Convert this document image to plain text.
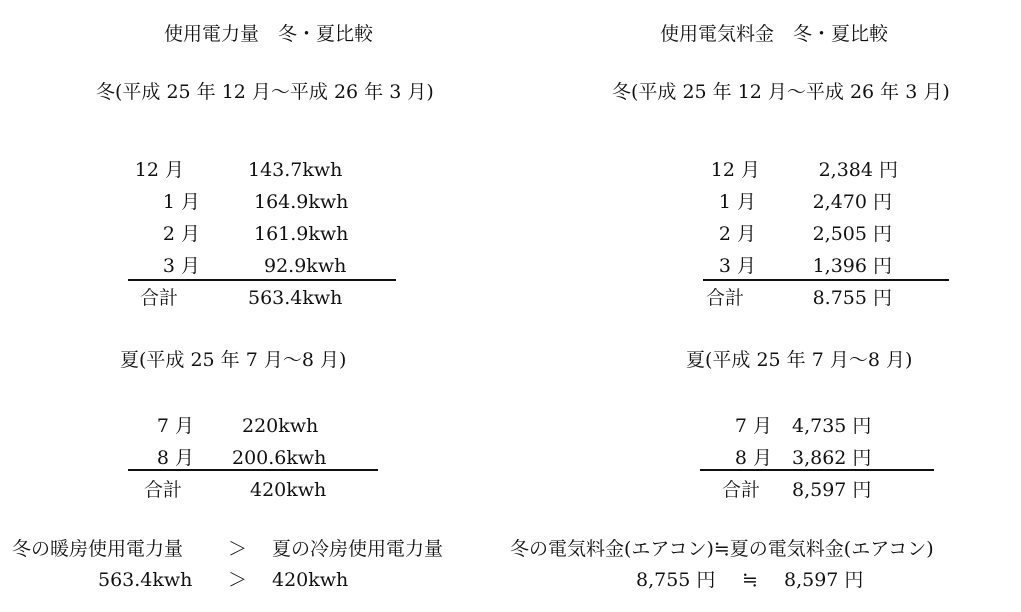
使用電力量　冬・夏比較
冬(平成 25 年 12 月～平成 26 年 3 月)
12 月	143.7kwh
1 月	164.9kwh
2 月	161.9kwh
3 月	92.9kwh
合計	563.4kwh
夏(平成 25 年 7 月～8 月)
7 月	220kwh
8 月 200.6kwh
合計	420kwh
使用電気料金　冬・夏比較
冬(平成 25 年 12 月～平成 26 年 3 月)
12 月	2,384 円
1 月	2,470 円
2 月	2,505 円
3 月	1,396 円
合計	8.755 円
夏(平成 25 年 7 月～8 月)
7 月 4,735 円
8 月 3,862 円
合計 8,597 円
冬の暖房使用電力量 ＞ 夏の冷房使用電力量
563.4kwh ＞ 420kwh
冬の電気料金(エアコン)≒夏の電気料金(エアコン)
8,755 円 ≒ 8,597 円
